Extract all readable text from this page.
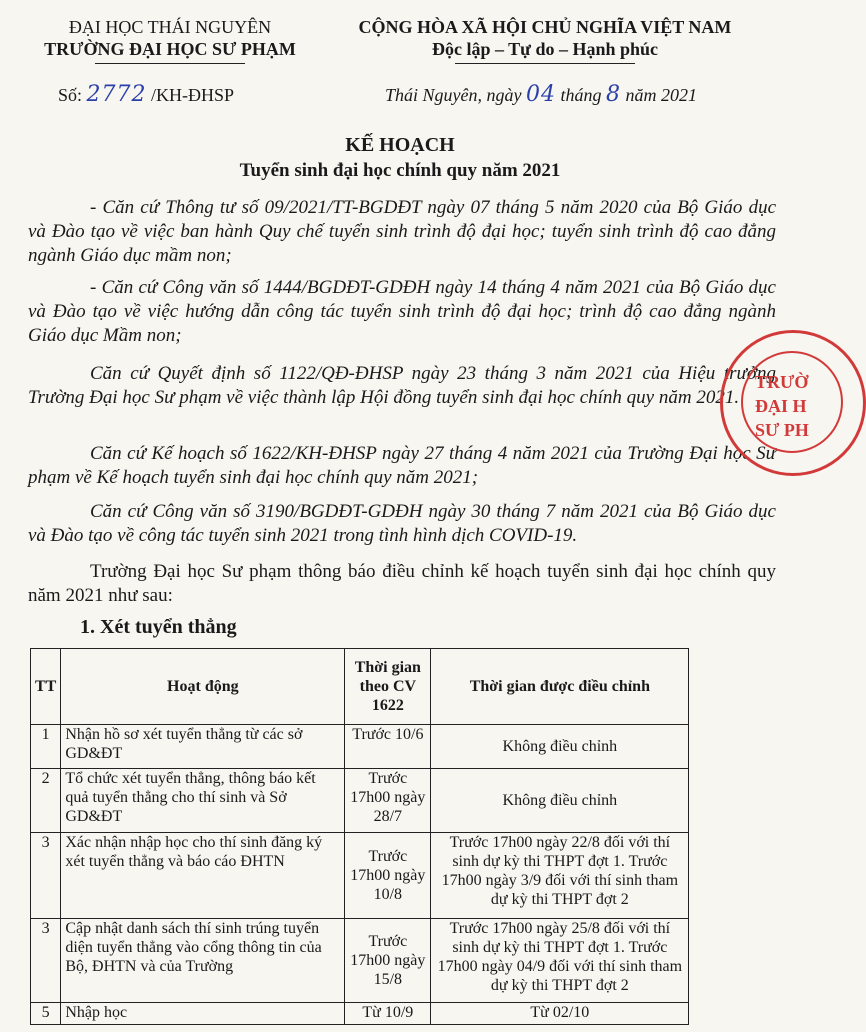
ĐẠI HỌC THÁI NGUYÊN
TRƯỜNG ĐẠI HỌC SƯ PHẠM
CỘNG HÒA XÃ HỘI CHỦ NGHĨA VIỆT NAM
Độc lập – Tự do – Hạnh phúc
Số: 2772 /KH-ĐHSP	Thái Nguyên, ngày 04 tháng 8 năm 2021
KẾ HOẠCH
Tuyển sinh đại học chính quy năm 2021
- Căn cứ Thông tư số 09/2021/TT-BGDĐT ngày 07 tháng 5 năm 2020 của Bộ Giáo dục và Đào tạo về việc ban hành Quy chế tuyển sinh trình độ đại học; tuyển sinh trình độ cao đẳng ngành Giáo dục mầm non;
- Căn cứ Công văn số 1444/BGDĐT-GDĐH ngày 14 tháng 4 năm 2021 của Bộ Giáo dục và Đào tạo về việc hướng dẫn công tác tuyển sinh trình độ đại học; trình độ cao đẳng ngành Giáo dục Mầm non;
Căn cứ Quyết định số 1122/QĐ-ĐHSP ngày 23 tháng 3 năm 2021 của Hiệu trưởng Trường Đại học Sư phạm về việc thành lập Hội đồng tuyển sinh đại học chính quy năm 2021.
Căn cứ Kế hoạch số 1622/KH-ĐHSP ngày 27 tháng 4 năm 2021 của Trường Đại học Sư phạm về Kế hoạch tuyển sinh đại học chính quy năm 2021;
Căn cứ Công văn số 3190/BGDĐT-GDĐH ngày 30 tháng 7 năm 2021 của Bộ Giáo dục và Đào tạo về công tác tuyển sinh 2021 trong tình hình dịch COVID-19.
Trường Đại học Sư phạm thông báo điều chỉnh kế hoạch tuyển sinh đại học chính quy năm 2021 như sau:
1. Xét tuyển thẳng
TT	Hoạt động	Thời gian theo CV 1622	Thời gian được điều chỉnh
1	Nhận hồ sơ xét tuyển thẳng từ các sở GD&ĐT	Trước 10/6	Không điều chỉnh
2	Tổ chức xét tuyển thẳng, thông báo kết quả tuyển thẳng cho thí sinh và Sở GD&ĐT	Trước 17h00 ngày 28/7	Không điều chỉnh
3	Xác nhận nhập học cho thí sinh đăng ký xét tuyển thẳng và báo cáo ĐHTN	Trước 17h00 ngày 10/8	Trước 17h00 ngày 22/8 đối với thí sinh dự kỳ thi THPT đợt 1. Trước 17h00 ngày 3/9 đối với thí sinh tham dự kỳ thi THPT đợt 2
3	Cập nhật danh sách thí sinh trúng tuyển diện tuyển thẳng vào cổng thông tin của Bộ, ĐHTN và của Trường	Trước 17h00 ngày 15/8	Trước 17h00 ngày 25/8 đối với thí sinh dự kỳ thi THPT đợt 1. Trước 17h00 ngày 04/9 đối với thí sinh tham dự kỳ thi THPT đợt 2
5	Nhập học	Từ 10/9	Từ 02/10
TRƯỜ
ĐẠI H
SƯ PH
